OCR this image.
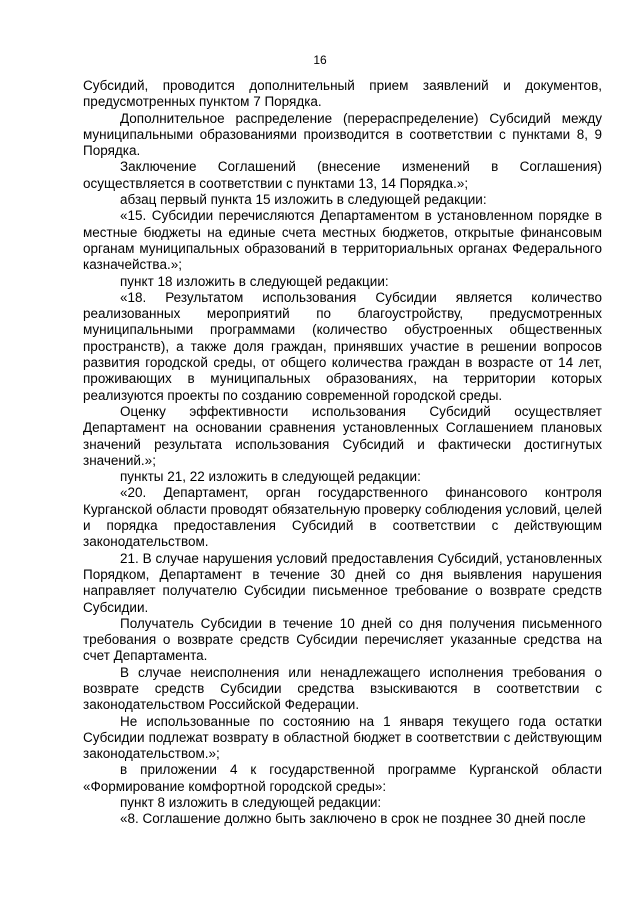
16

Субсидий, проводится дополнительный прием заявлений и документов, предусмотренных пунктом 7 Порядка.

Дополнительное распределение (перераспределение) Субсидий между муниципальными образованиями производится в соответствии с пунктами 8, 9 Порядка.

Заключение Соглашений (внесение изменений в Соглашения) осуществляется в соответствии с пунктами 13, 14 Порядка.»;

абзац первый пункта 15 изложить в следующей редакции:

«15. Субсидии перечисляются Департаментом в установленном порядке в местные бюджеты на единые счета местных бюджетов, открытые финансовым органам муниципальных образований в территориальных органах Федерального казначейства.»;

пункт 18 изложить в следующей редакции:

«18. Результатом использования Субсидии является количество реализованных мероприятий по благоустройству, предусмотренных муниципальными программами (количество обустроенных общественных пространств), а также доля граждан, принявших участие в решении вопросов развития городской среды, от общего количества граждан в возрасте от 14 лет, проживающих в муниципальных образованиях, на территории которых реализуются проекты по созданию современной городской среды.

Оценку эффективности использования Субсидий осуществляет Департамент на основании сравнения установленных Соглашением плановых значений результата использования Субсидий и фактически достигнутых значений.»;

пункты 21, 22 изложить в следующей редакции:

«20. Департамент, орган государственного финансового контроля Курганской области проводят обязательную проверку соблюдения условий, целей и порядка предоставления Субсидий в соответствии с действующим законодательством.

21. В случае нарушения условий предоставления Субсидий, установленных Порядком, Департамент в течение 30 дней со дня выявления нарушения направляет получателю Субсидии письменное требование о возврате средств Субсидии.

Получатель Субсидии в течение 10 дней со дня получения письменного требования о возврате средств Субсидии перечисляет указанные средства на счет Департамента.

В случае неисполнения или ненадлежащего исполнения требования о возврате средств Субсидии средства взыскиваются в соответствии с законодательством Российской Федерации.

Не использованные по состоянию на 1 января текущего года остатки Субсидии подлежат возврату в областной бюджет в соответствии с действующим законодательством.»;

в приложении 4 к государственной программе Курганской области «Формирование комфортной городской среды»:

пункт 8 изложить в следующей редакции:

«8. Соглашение должно быть заключено в срок не позднее 30 дней после
